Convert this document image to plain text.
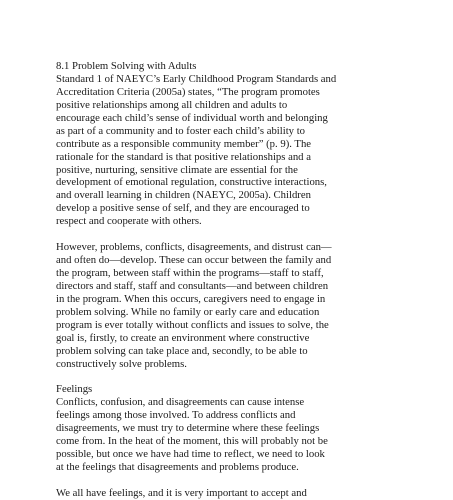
8.1 Problem Solving with Adults
Standard 1 of NAEYC’s Early Childhood Program Standards and
Accreditation Criteria (2005a) states, “The program promotes
positive relationships among all children and adults to
encourage each child’s sense of individual worth and belonging
as part of a community and to foster each child’s ability to
contribute as a responsible community member” (p. 9). The
rationale for the standard is that positive relationships and a
positive, nurturing, sensitive climate are essential for the
development of emotional regulation, constructive interactions,
and overall learning in children (NAEYC, 2005a). Children
develop a positive sense of self, and they are encouraged to
respect and cooperate with others.
However, problems, conflicts, disagreements, and distrust can—
and often do—develop. These can occur between the family and
the program, between staff within the programs—staff to staff,
directors and staff, staff and consultants—and between children
in the program. When this occurs, caregivers need to engage in
problem solving. While no family or early care and education
program is ever totally without conflicts and issues to solve, the
goal is, firstly, to create an environment where constructive
problem solving can take place and, secondly, to be able to
constructively solve problems.
Feelings
Conflicts, confusion, and disagreements can cause intense
feelings among those involved. To address conflicts and
disagreements, we must try to determine where these feelings
come from. In the heat of the moment, this will probably not be
possible, but once we have had time to reflect, we need to look
at the feelings that disagreements and problems produce.
We all have feelings, and it is very important to accept and
